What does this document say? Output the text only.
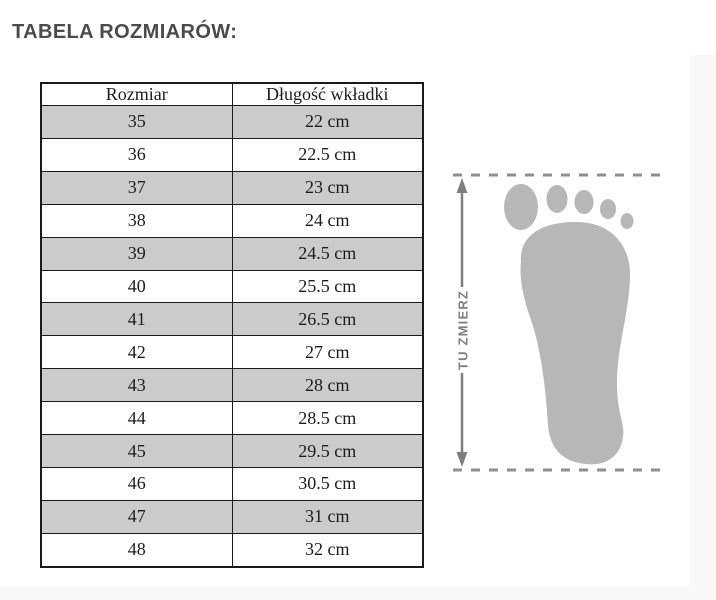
TABELA ROZMIARÓW:
Rozmiar	Długość wkładki
35	22 cm
36	22.5 cm
37	23 cm
38	24 cm
39	24.5 cm
40	25.5 cm
41	26.5 cm
42	27 cm
43	28 cm
44	28.5 cm
45	29.5 cm
46	30.5 cm
47	31 cm
48	32 cm
TU ZMIERZ
